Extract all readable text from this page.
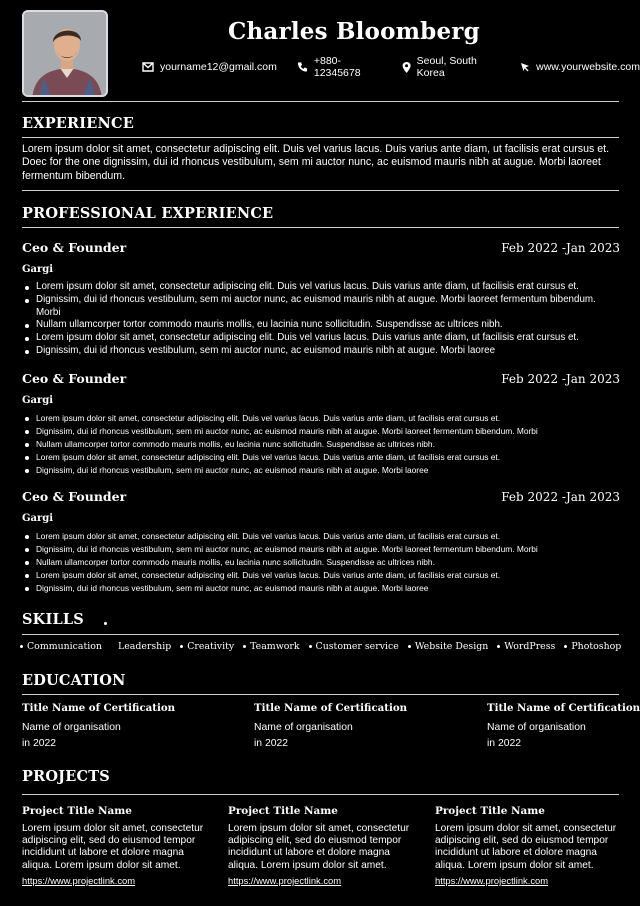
Charles Bloomberg
yourname12@gmail.com	+880-12345678
Seoul, South Korea	www.yourwebsite.com
EXPERIENCE
Lorem ipsum dolor sit amet, consectetur adipiscing elit. Duis vel varius lacus. Duis varius ante diam, ut facilisis erat cursus et. Doec for the one dignissim, dui id rhoncus vestibulum, sem mi auctor nunc, ac euismod mauris nibh at augue. Morbi laoreet fermentum bibendum.
PROFESSIONAL EXPERIENCE
Ceo & Founder	Feb 2022 -Jan 2023
Gargi
Lorem ipsum dolor sit amet, consectetur adipiscing elit. Duis vel varius lacus. Duis varius ante diam, ut facilisis erat cursus et.
Dignissim, dui id rhoncus vestibulum, sem mi auctor nunc, ac euismod mauris nibh at augue. Morbi laoreet fermentum bibendum. Morbi
Nullam ullamcorper tortor commodo mauris mollis, eu lacinia nunc sollicitudin. Suspendisse ac ultrices nibh.
Lorem ipsum dolor sit amet, consectetur adipiscing elit. Duis vel varius lacus. Duis varius ante diam, ut facilisis erat cursus et.
Dignissim, dui id rhoncus vestibulum, sem mi auctor nunc, ac euismod mauris nibh at augue. Morbi laoree
Ceo & Founder	Feb 2022 -Jan 2023
Gargi
Lorem ipsum dolor sit amet, consectetur adipiscing elit. Duis vel varius lacus. Duis varius ante diam, ut facilisis erat cursus et.
Dignissim, dui id rhoncus vestibulum, sem mi auctor nunc, ac euismod mauris nibh at augue. Morbi laoreet fermentum bibendum. Morbi
Nullam ullamcorper tortor commodo mauris mollis, eu lacinia nunc sollicitudin. Suspendisse ac ultrices nibh.
Lorem ipsum dolor sit amet, consectetur adipiscing elit. Duis vel varius lacus. Duis varius ante diam, ut facilisis erat cursus et.
Dignissim, dui id rhoncus vestibulum, sem mi auctor nunc, ac euismod mauris nibh at augue. Morbi laoree
Ceo & Founder	Feb 2022 -Jan 2023
Gargi
Lorem ipsum dolor sit amet, consectetur adipiscing elit. Duis vel varius lacus. Duis varius ante diam, ut facilisis erat cursus et.
Dignissim, dui id rhoncus vestibulum, sem mi auctor nunc, ac euismod mauris nibh at augue. Morbi laoreet fermentum bibendum. Morbi
Nullam ullamcorper tortor commodo mauris mollis, eu lacinia nunc sollicitudin. Suspendisse ac ultrices nibh.
Lorem ipsum dolor sit amet, consectetur adipiscing elit. Duis vel varius lacus. Duis varius ante diam, ut facilisis erat cursus et.
Dignissim, dui id rhoncus vestibulum, sem mi auctor nunc, ac euismod mauris nibh at augue. Morbi laoree
SKILLS
Communication Leadership Creativity Teamwork Customer service Website Design WordPress Photoshop
EDUCATION
Title Name of Certification
Name of organisation
in 2022
Title Name of Certification
Name of organisation
in 2022
Title Name of Certification
Name of organisation
in 2022
PROJECTS
Project Title Name
Lorem ipsum dolor sit amet, consectetur adipiscing elit, sed do eiusmod tempor incididunt ut labore et dolore magna aliqua. Lorem ipsum dolor sit amet.
https://www.projectlink.com
Project Title Name
Lorem ipsum dolor sit amet, consectetur adipiscing elit, sed do eiusmod tempor incididunt ut labore et dolore magna aliqua. Lorem ipsum dolor sit amet.
https://www.projectlink.com
Project Title Name
Lorem ipsum dolor sit amet, consectetur adipiscing elit, sed do eiusmod tempor incididunt ut labore et dolore magna aliqua. Lorem ipsum dolor sit amet.
https://www.projectlink.com
